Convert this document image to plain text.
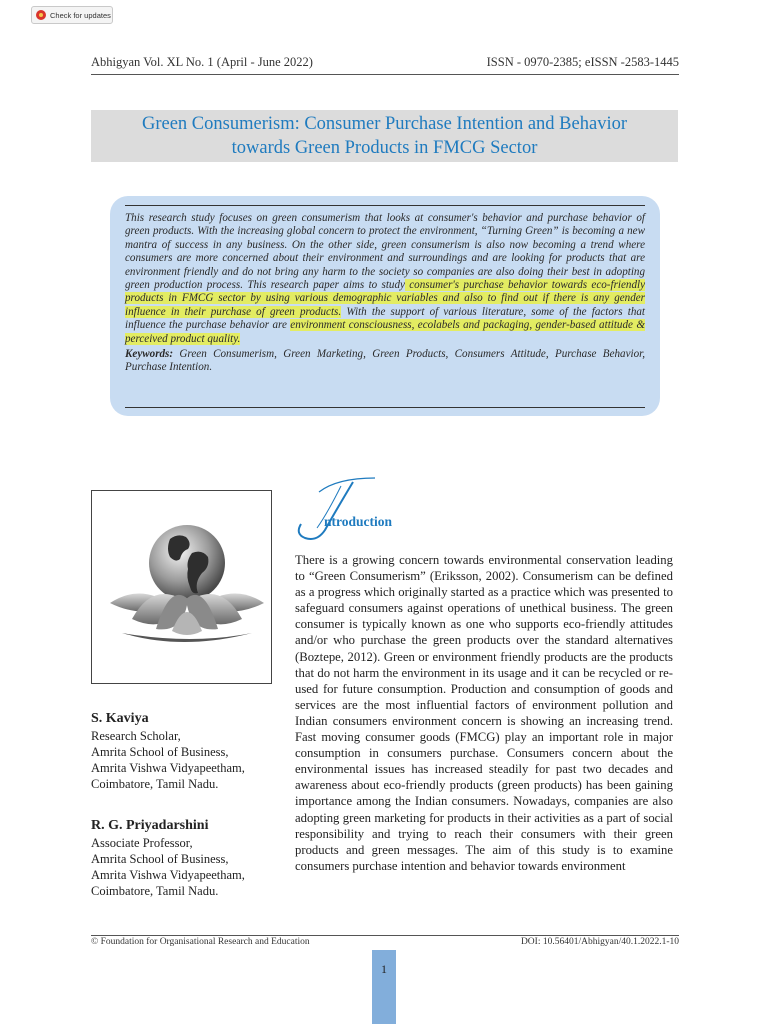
Check for updates
Abhigyan Vol. XL No. 1 (April - June 2022)	ISSN - 0970-2385; eISSN -2583-1445
Green Consumerism: Consumer Purchase Intention and Behavior
towards Green Products in FMCG Sector
This research study focuses on green consumerism that looks at consumer's behavior and purchase behavior of green products. With the increasing global concern to protect the environment, “Turning Green” is becoming a new mantra of success in any business. On the other side, green consumerism is also now becoming a trend where consumers are more concerned about their environment and surroundings and are looking for products that are environment friendly and do not bring any harm to the society so companies are also doing their best in adopting green production process. This research paper aims to study consumer's purchase behavior towards eco-friendly products in FMCG sector by using various demographic variables and also to find out if there is any gender influence in their purchase of green products. With the support of various literature, some of the factors that influence the purchase behavior are environment consciousness, ecolabels and packaging, gender-based attitude & perceived product quality.
Keywords: Green Consumerism, Green Marketing, Green Products, Consumers Attitude, Purchase Behavior, Purchase Intention.
S. Kaviya
Research Scholar,
Amrita School of Business,
Amrita Vishwa Vidyapeetham,
Coimbatore, Tamil Nadu.
R. G. Priyadarshini
Associate Professor,
Amrita School of Business,
Amrita Vishwa Vidyapeetham,
Coimbatore, Tamil Nadu.
I
ntroduction
There is a growing concern towards environmental conservation leading to “Green Consumerism” (Eriksson, 2002). Consumerism can be defined as a progress which originally started as a practice which was presented to safeguard consumers against operations of unethical business. The green consumer is typically known as one who supports eco-friendly attitudes and/or who purchase the green products over the standard alternatives (Boztepe, 2012). Green or environment friendly products are the products that do not harm the environment in its usage and it can be recycled or re-used for future consumption. Production and consumption of goods and services are the most influential factors of environment pollution and Indian consumers environment concern is showing an increasing trend. Fast moving consumer goods (FMCG) play an important role in major consumption in consumers purchase. Consumers concern about the environmental issues has increased steadily for past two decades and awareness about eco-friendly products (green products) has been gaining importance among the Indian consumers. Nowadays, companies are also adopting green marketing for products in their activities as a part of social responsibility and trying to reach their consumers with their green products and green messages. The aim of this study is to examine consumers purchase intention and behavior towards environment
© Foundation for Organisational Research and Education	DOI: 10.56401/Abhigyan/40.1.2022.1-10
1
